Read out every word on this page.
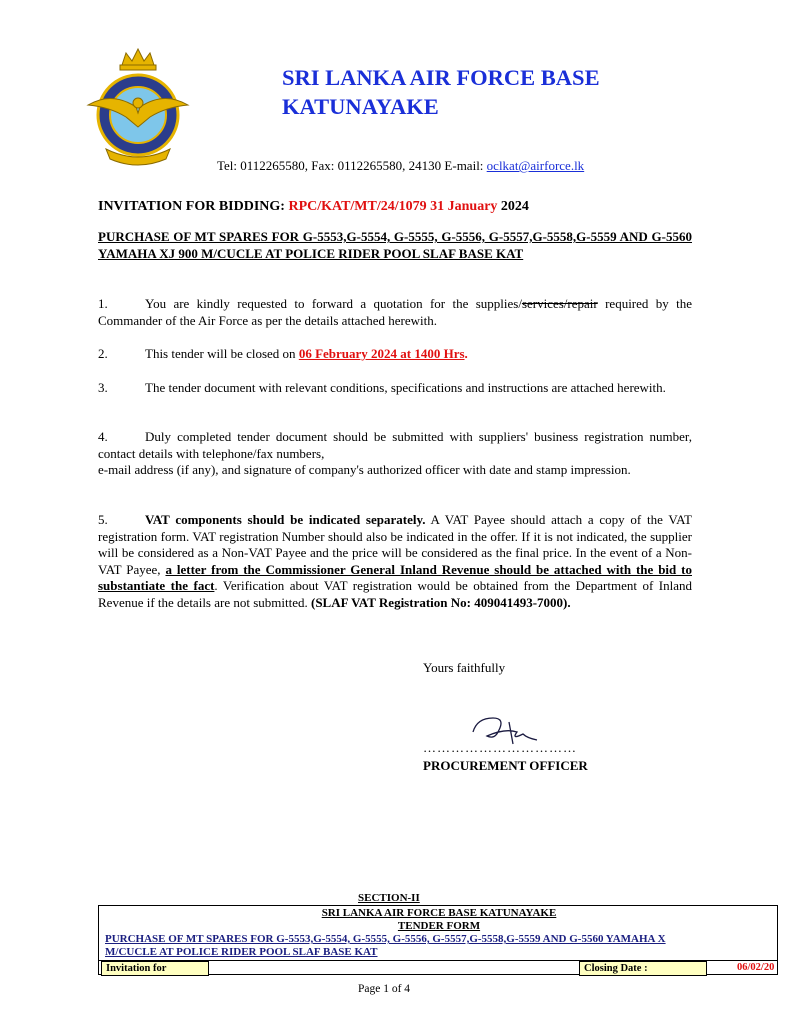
SRI LANKA AIR FORCE BASE
KATUNAYAKE
Tel: 0112265580, Fax: 0112265580, 24130 E-mail: oclkat@airforce.lk
INVITATION FOR BIDDING: RPC/KAT/MT/24/1079 31 January 2024
PURCHASE OF MT SPARES FOR G-5553,G-5554, G-5555, G-5556, G-5557,G-5558,G-5559 AND G-5560 YAMAHA XJ 900 M/CUCLE AT POLICE RIDER POOL SLAF BASE KAT
1.	You are kindly requested to forward a quotation for the supplies/services/repair required by the Commander of the Air Force as per the details attached herewith.
2.	This tender will be closed on 06 February 2024 at 1400 Hrs.
3.	The tender document with relevant conditions, specifications and instructions are attached herewith.
4.	Duly completed tender document should be submitted with suppliers' business registration number, contact details with telephone/fax numbers,
e-mail address (if any), and signature of company's authorized officer with date and stamp impression.
5.	VAT components should be indicated separately. A VAT Payee should attach a copy of the VAT registration form. VAT registration Number should also be indicated in the offer. If it is not indicated, the supplier will be considered as a Non-VAT Payee and the price will be considered as the final price. In the event of a Non-VAT Payee, a letter from the Commissioner General Inland Revenue should be attached with the bid to substantiate the fact. Verification about VAT registration would be obtained from the Department of Inland Revenue if the details are not submitted. (SLAF VAT Registration No: 409041493-7000).
Yours faithfully
……………………………
PROCUREMENT OFFICER
SECTION-II
SRI LANKA AIR FORCE BASE KATUNAYAKE
TENDER FORM
PURCHASE OF MT SPARES FOR G-5553,G-5554, G-5555, G-5556, G-5557,G-5558,G-5559 AND G-5560 YAMAHA X
M/CUCLE AT POLICE RIDER POOL SLAF BASE KAT
Invitation for	Closing Date :	06/02/20
Page 1 of 4
